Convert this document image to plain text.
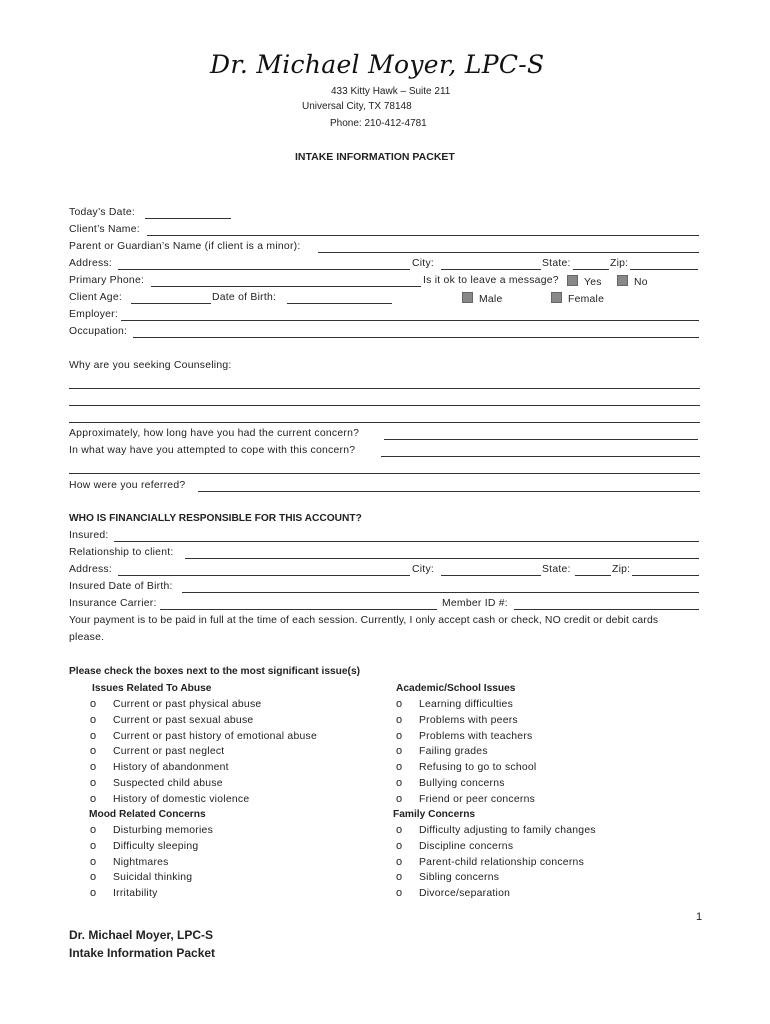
Dr. Michael Moyer, LPC-S
433 Kitty Hawk – Suite 211
Universal City, TX 78148
Phone: 210-412-4781
INTAKE INFORMATION PACKET
Today’s Date:
Client’s Name:
Parent or Guardian’s Name (if client is a minor):
Address:	City:	State:	Zip:
Primary Phone:	Is it ok to leave a message?	Yes	No
Client Age:	Date of Birth:	Male	Female
Employer:
Occupation:
Why are you seeking Counseling:
Approximately, how long have you had the current concern?
In what way have you attempted to cope with this concern?
How were you referred?
WHO IS FINANCIALLY RESPONSIBLE FOR THIS ACCOUNT?
Insured:
Relationship to client:
Address:	City:	State:	Zip:
Insured Date of Birth:
Insurance Carrier:	Member ID #:
Your payment is to be paid in full at the time of each session. Currently, I only accept cash or check, NO credit or debit cards
please.
Please check the boxes next to the most significant issue(s)
Issues Related To Abuse
o Current or past physical abuse
o Current or past sexual abuse
o Current or past history of emotional abuse
o Current or past neglect
o History of abandonment
o Suspected child abuse
o History of domestic violence
Mood Related Concerns
o Disturbing memories
o Difficulty sleeping
o Nightmares
o Suicidal thinking
o Irritability
Academic/School Issues
o Learning difficulties
o Problems with peers
o Problems with teachers
o Failing grades
o Refusing to go to school
o Bullying concerns
o Friend or peer concerns
Family Concerns
o Difficulty adjusting to family changes
o Discipline concerns
o Parent-child relationship concerns
o Sibling concerns
o Divorce/separation
1
Dr. Michael Moyer, LPC-S
Intake Information Packet
